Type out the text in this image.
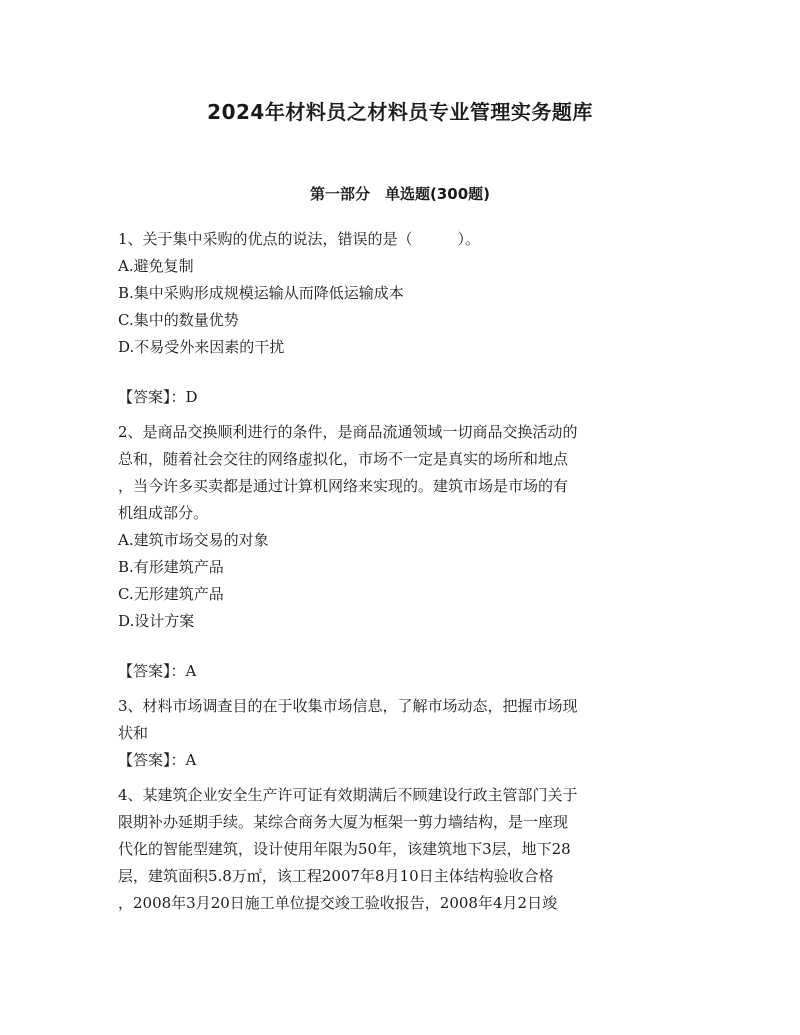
2024年材料员之材料员专业管理实务题库
第一部分　单选题(300题)
1、关于集中采购的优点的说法，错误的是（　　　）。
A.避免复制
B.集中采购形成规模运输从而降低运输成本
C.集中的数量优势
D.不易受外来因素的干扰
【答案】：D
2、是商品交换顺利进行的条件，是商品流通领域一切商品交换活动的
总和，随着社会交往的网络虚拟化，市场不一定是真实的场所和地点
，当今许多买卖都是通过计算机网络来实现的。建筑市场是市场的有
机组成部分。
A.建筑市场交易的对象
B.有形建筑产品
C.无形建筑产品
D.设计方案
【答案】：A
3、材料市场调查目的在于收集市场信息，了解市场动态，把握市场现
状和
【答案】：A
4、某建筑企业安全生产许可证有效期满后不顾建设行政主管部门关于
限期补办延期手续。某综合商务大厦为框架一剪力墙结构，是一座现
代化的智能型建筑，设计使用年限为50年，该建筑地下3层，地下28
层，建筑面积5.8万㎡，该工程2007年8月10日主体结构验收合格
，2008年3月20日施工单位提交竣工验收报告，2008年4月2日竣
